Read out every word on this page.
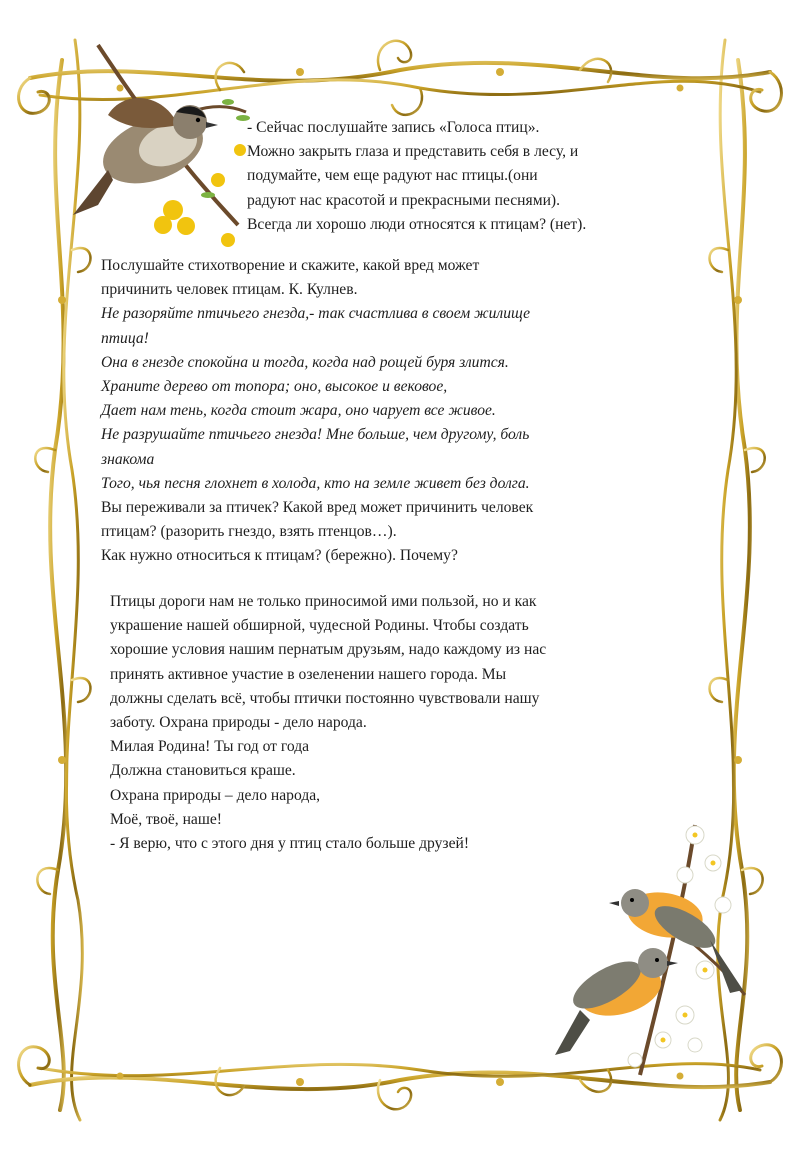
- Сейчас послушайте запись «Голоса птиц».

Можно закрыть глаза и представить себя в лесу, и

подумайте, чем еще радуют нас птицы.(они

радуют нас красотой и прекрасными песнями).

Всегда ли хорошо люди относятся к птицам? (нет).

Послушайте стихотворение и скажите, какой вред может

причинить человек птицам. К. Кулнев.

Не разоряйте птичьего гнезда,- так счастлива в своем жилище

птица!

Она в гнезде спокойна и тогда, когда над рощей буря злится.

Храните дерево от топора; оно, высокое и вековое,

Дает нам тень, когда стоит жара, оно чарует все живое.

Не разрушайте птичьего гнезда! Мне больше, чем другому, боль

знакома

Того, чья песня глохнет в холода, кто на земле живет без долга.

Вы переживали за птичек? Какой вред может причинить человек

птицам? (разорить гнездо, взять птенцов…).

Как нужно относиться к птицам? (бережно). Почему?

Птицы дороги нам не только приносимой ими пользой, но и как

украшение нашей обширной, чудесной Родины. Чтобы создать

хорошие условия нашим пернатым друзьям, надо каждому из нас

принять активное участие в озеленении нашего города. Мы

должны сделать всё, чтобы птички постоянно чувствовали нашу

заботу. Охрана природы - дело народа.

Милая Родина! Ты год от года

Должна становиться краше.

Охрана природы – дело народа,

Моё, твоё, наше!

- Я верю, что с этого дня у птиц стало больше друзей!
